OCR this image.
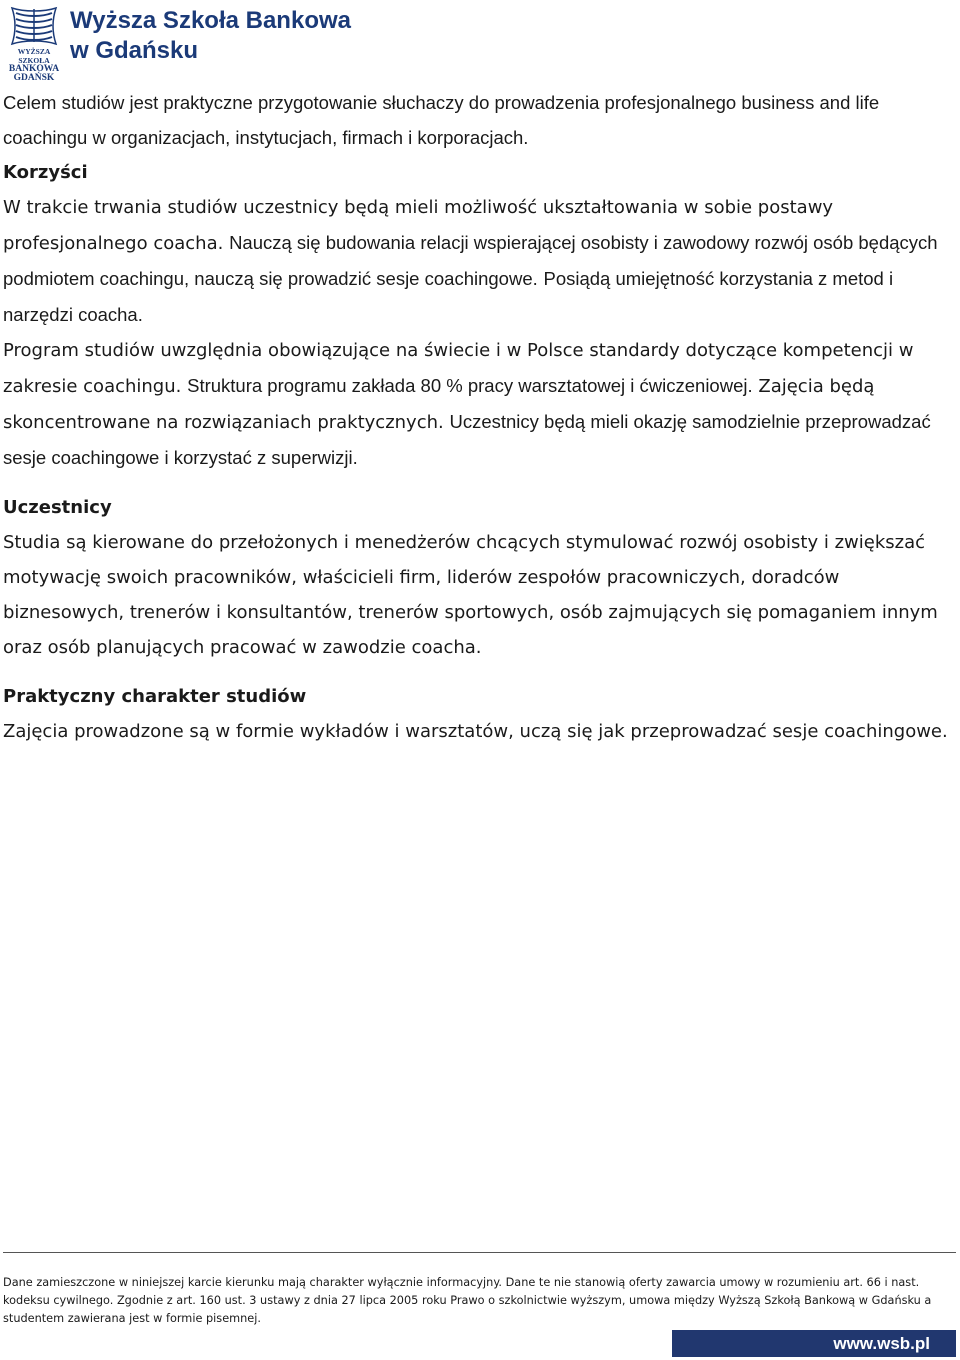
WYŻSZA SZKOŁA
BANKOWA
GDAŃSK
Wyższa Szkoła Bankowa
w Gdańsku

Celem studiów jest praktyczne przygotowanie słuchaczy do prowadzenia profesjonalnego business and life coachingu w organizacjach, instytucjach, firmach i korporacjach.

Korzyści

W trakcie trwania studiów uczestnicy będą mieli możliwość ukształtowania w sobie postawy profesjonalnego coacha. Nauczą się budowania relacji wspierającej osobisty i zawodowy rozwój osób będących podmiotem coachingu, nauczą się prowadzić sesje coachingowe. Posiądą umiejętność korzystania z metod i narzędzi coacha.

Program studiów uwzględnia obowiązujące na świecie i w Polsce standardy dotyczące kompetencji w zakresie coachingu. Struktura programu zakłada 80 % pracy warsztatowej i ćwiczeniowej. Zajęcia będą skoncentrowane na rozwiązaniach praktycznych. Uczestnicy będą mieli okazję samodzielnie przeprowadzać sesje coachingowe i korzystać z superwizji.

Uczestnicy

Studia są kierowane do przełożonych i menedżerów chcących stymulować rozwój osobisty i zwiększać motywację swoich pracowników, właścicieli firm, liderów zespołów pracowniczych, doradców biznesowych, trenerów i konsultantów, trenerów sportowych, osób zajmujących się pomaganiem innym oraz osób planujących pracować w zawodzie coacha.

Praktyczny charakter studiów

Zajęcia prowadzone są w formie wykładów i warsztatów, uczą się jak przeprowadzać sesje coachingowe.

Dane zamieszczone w niniejszej karcie kierunku mają charakter wyłącznie informacyjny. Dane te nie stanowią oferty zawarcia umowy w rozumieniu art. 66 i nast. kodeksu cywilnego. Zgodnie z art. 160 ust. 3 ustawy z dnia 27 lipca 2005 roku Prawo o szkolnictwie wyższym, umowa między Wyższą Szkołą Bankową w Gdańsku a studentem zawierana jest w formie pisemnej.

www.wsb.pl
